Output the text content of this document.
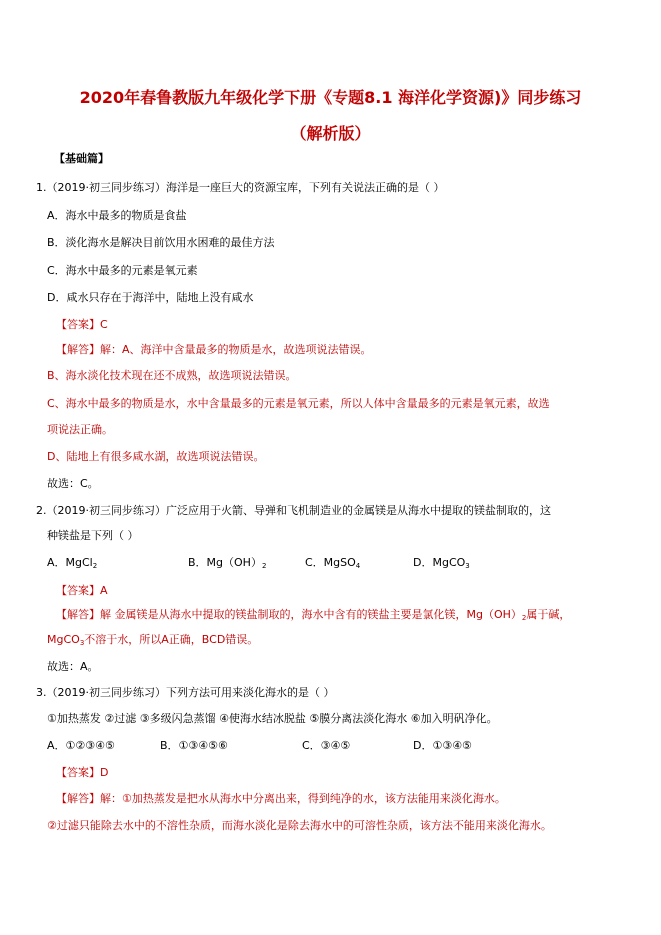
2020年春鲁教版九年级化学下册《专题8.1 海洋化学资源)》同步练习
（解析版）
【基础篇】
1.（2019·初三同步练习）海洋是一座巨大的资源宝库，下列有关说法正确的是（ ）
A．海水中最多的物质是食盐
B．淡化海水是解决目前饮用水困难的最佳方法
C．海水中最多的元素是氧元素
D．咸水只存在于海洋中，陆地上没有咸水
【答案】C
【解答】解：A、海洋中含量最多的物质是水，故选项说法错误。
B、海水淡化技术现在还不成熟，故选项说法错误。
C、海水中最多的物质是水，水中含量最多的元素是氧元素，所以人体中含量最多的元素是氧元素，故选
项说法正确。
D、陆地上有很多咸水湖，故选项说法错误。
故选：C。
2.（2019·初三同步练习）广泛应用于火箭、导弹和飞机制造业的金属镁是从海水中提取的镁盐制取的，这
种镁盐是下列（ ）
A．MgCl$_2$	B．$Mg(OH)_2$	C．MgSO$_4$	D．MgCO$_3$
【答案】A
【解答】解 金属镁是从海水中提取的镁盐制取的，海水中含有的镁盐主要是氯化镁，$Mg(OH)_2$属于碱，
MgCO$_3$不溶于水，所以A正确，BCD错误。
故选：A。
3.（2019·初三同步练习）下列方法可用来淡化海水的是（ ）
①加热蒸发 ②过滤 ③多级闪急蒸馏 ④使海水结冰脱盐 ⑤膜分离法淡化海水 ⑥加入明矾净化。
A．①②③④⑤	B．①③④⑤⑥	C．③④⑤	D．①③④⑤
【答案】D
【解答】解：①加热蒸发是把水从海水中分离出来，得到纯净的水，该方法能用来淡化海水。
②过滤只能除去水中的不溶性杂质，而海水淡化是除去海水中的可溶性杂质，该方法不能用来淡化海水。
